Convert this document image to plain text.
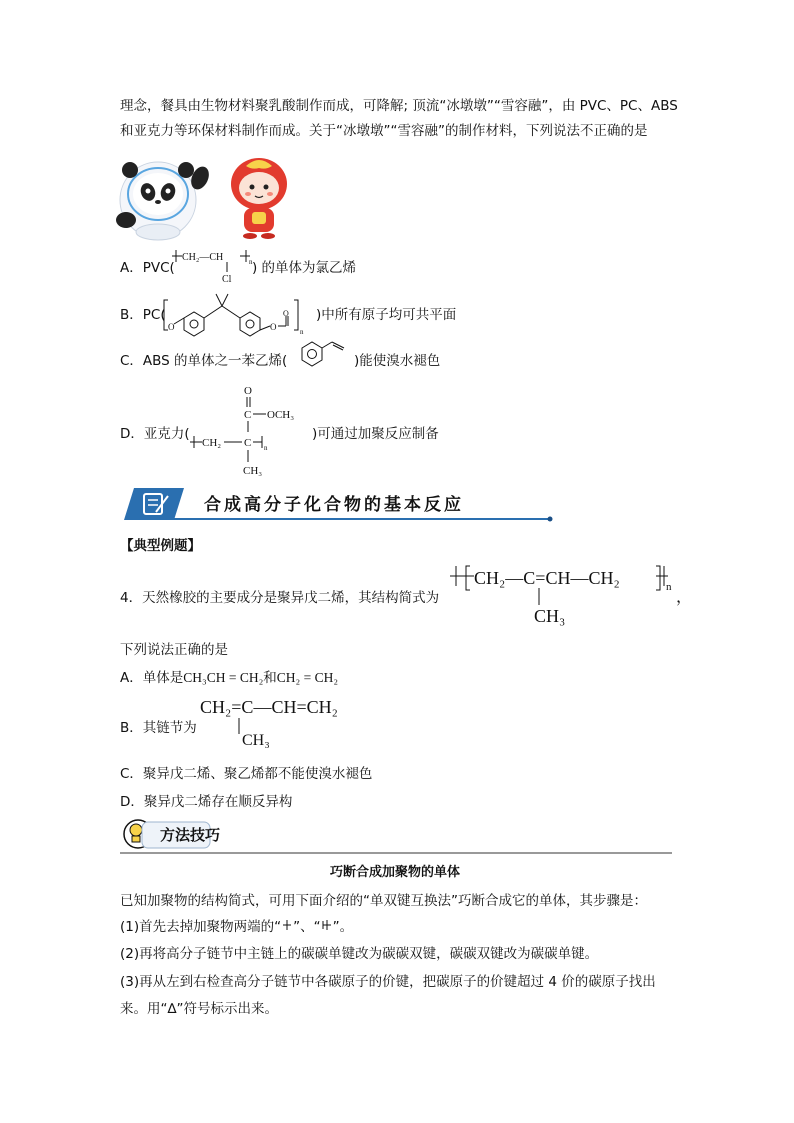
理念，餐具由生物材料聚乳酸制作而成，可降解; 顶流“冰墩墩”“雪容融”，由 PVC、PC、ABS
和亚克力等环保材料制作而成。关于“冰墩墩”“雪容融”的制作材料，下列说法不正确的是
A．PVC(
CH₂—CH	n
Cl
) 的单体为氯乙烯
B．PC(
O	O
O
n
)中所有原子均可共平面
C．ABS 的单体之一苯乙烯(	)能使溴水褪色
D．亚克力(
O
C OCH₃
CH₂ C n
CH₃
)可通过加聚反应制备
合成高分子化合物的基本反应
【典型例题】
4．天然橡胶的主要成分是聚异戊二烯，其结构简式为
CH₂—C=CH—CH₂	n
，
CH₃
下列说法正确的是
A．单体是CH₃CH = CH₂和CH₂ = CH₂
B．其链节为
CH₂=C—CH=CH₂
CH₃
C．聚异戊二烯、聚乙烯都不能使溴水褪色
D．聚异戊二烯存在顺反异构
方法技巧
巧断合成加聚物的单体
已知加聚物的结构简式，可用下面介绍的“单双键互换法”巧断合成它的单体，其步骤是：
(1)首先去掉加聚物两端的“ ”、“ ”。
(2)再将高分子链节中主链上的碳碳单键改为碳碳双键，碳碳双键改为碳碳单键。
(3)再从左到右检查高分子链节中各碳原子的价键，把碳原子的价键超过 4 价的碳原子找出
来。用“∆”符号标示出来。
